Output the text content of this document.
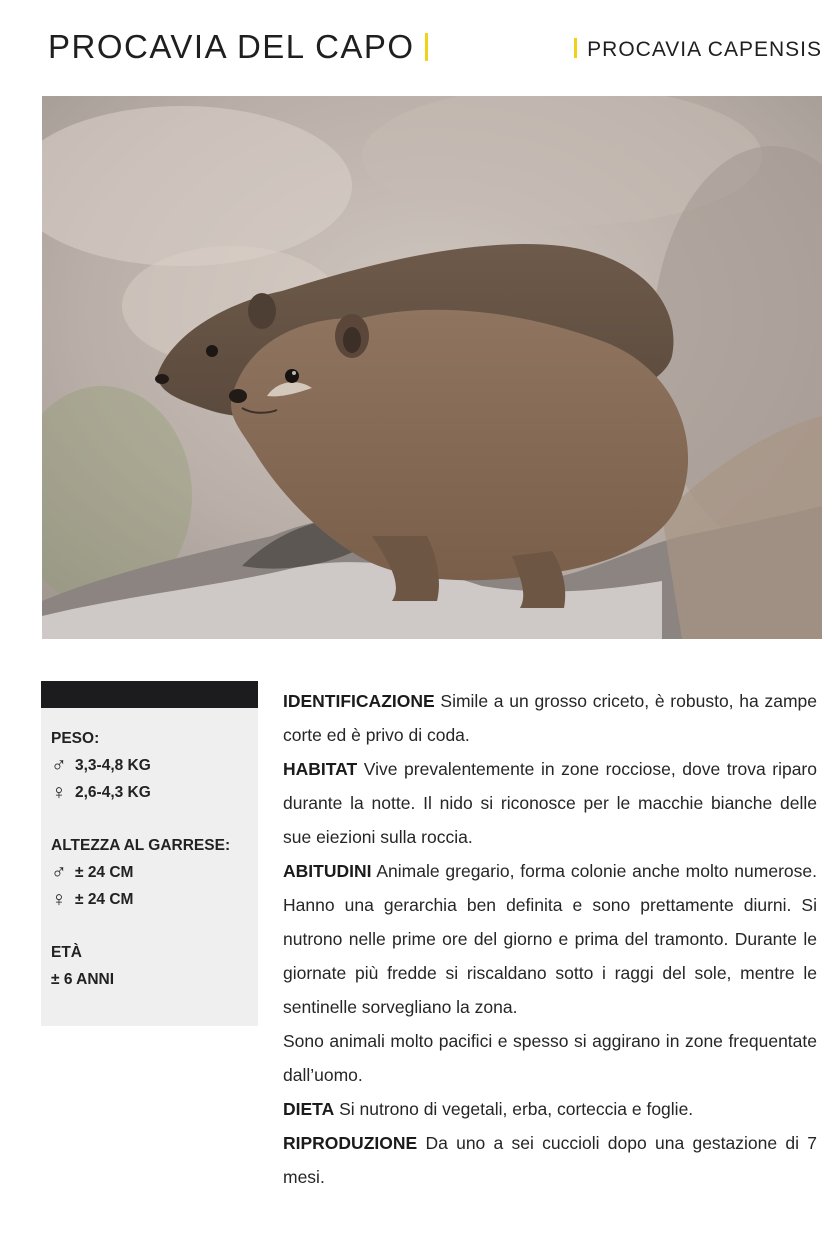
PROCAVIA DEL CAPO	PROCAVIA CAPENSIS
PESO:
♂ 3,3-4,8 KG
♀ 2,6-4,3 KG
ALTEZZA AL GARRESE:
♂ ± 24 CM
♀ ± 24 CM
ETÀ
± 6 ANNI

IDENTIFICAZIONE Simile a un grosso criceto, è robusto, ha zampe corte ed è privo di coda.

HABITAT Vive prevalentemente in zone rocciose, dove trova riparo durante la notte. Il nido si riconosce per le macchie bianche delle sue eiezioni sulla roccia.

ABITUDINI Animale gregario, forma colonie anche molto numerose. Hanno una gerarchia ben definita e sono prettamente diurni. Si nutrono nelle prime ore del giorno e prima del tramonto. Durante le giornate più fredde si riscaldano sotto i raggi del sole, mentre le sentinelle sorvegliano la zona.

Sono animali molto pacifici e spesso si aggirano in zone frequentate dall’uomo.

DIETA Si nutrono di vegetali, erba, corteccia e foglie.

RIPRODUZIONE Da uno a sei cuccioli dopo una gestazione di 7 mesi.
